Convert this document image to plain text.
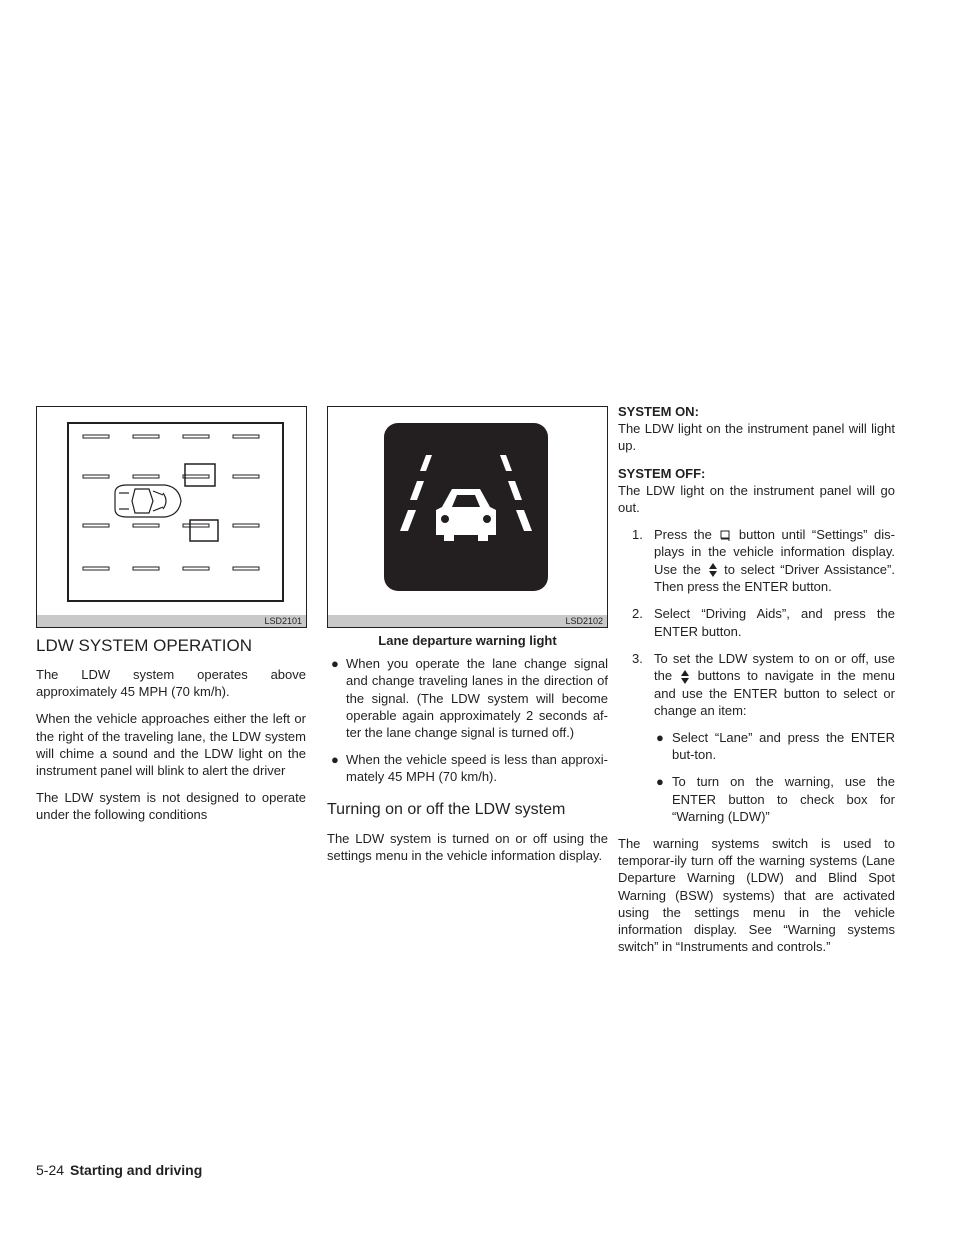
LSD2101	LSD2102
LDW SYSTEM OPERATION

The LDW system operates above approximately 45 MPH (70 km/h).

When the vehicle approaches either the left or the right of the traveling lane, the LDW system will chime a sound and the LDW light on the instrument panel will blink to alert the driver

The LDW system is not designed to operate under the following conditions

Lane departure warning light
● When you operate the lane change signal and change traveling lanes in the direction of the signal. (The LDW system will become operable again approximately 2 seconds af-ter the lane change signal is turned off.)
● When the vehicle speed is less than approxi-mately 45 MPH (70 km/h).
Turning on or off the LDW system

The LDW system is turned on or off using the settings menu in the vehicle information display.

SYSTEM ON:

The LDW light on the instrument panel will light up.

SYSTEM OFF:

The LDW light on the instrument panel will go out.

1. Press the button until “Settings” dis-plays in the vehicle information display. Use the to select “Driver Assistance”. Then press the ENTER button.
2. Select “Driving Aids”, and press the ENTER button.
3. To set the LDW system to on or off, use the buttons to navigate in the menu and use the ENTER button to select or change an item:
● Select “Lane” and press the ENTER but-ton.
● To turn on the warning, use the ENTER button to check box for “Warning (LDW)”

The warning systems switch is used to temporar-ily turn off the warning systems (Lane Departure Warning (LDW) and Blind Spot Warning (BSW) systems) that are activated using the settings menu in the vehicle information display. See “Warning systems switch” in “Instruments and controls.”

5-24 Starting and driving
